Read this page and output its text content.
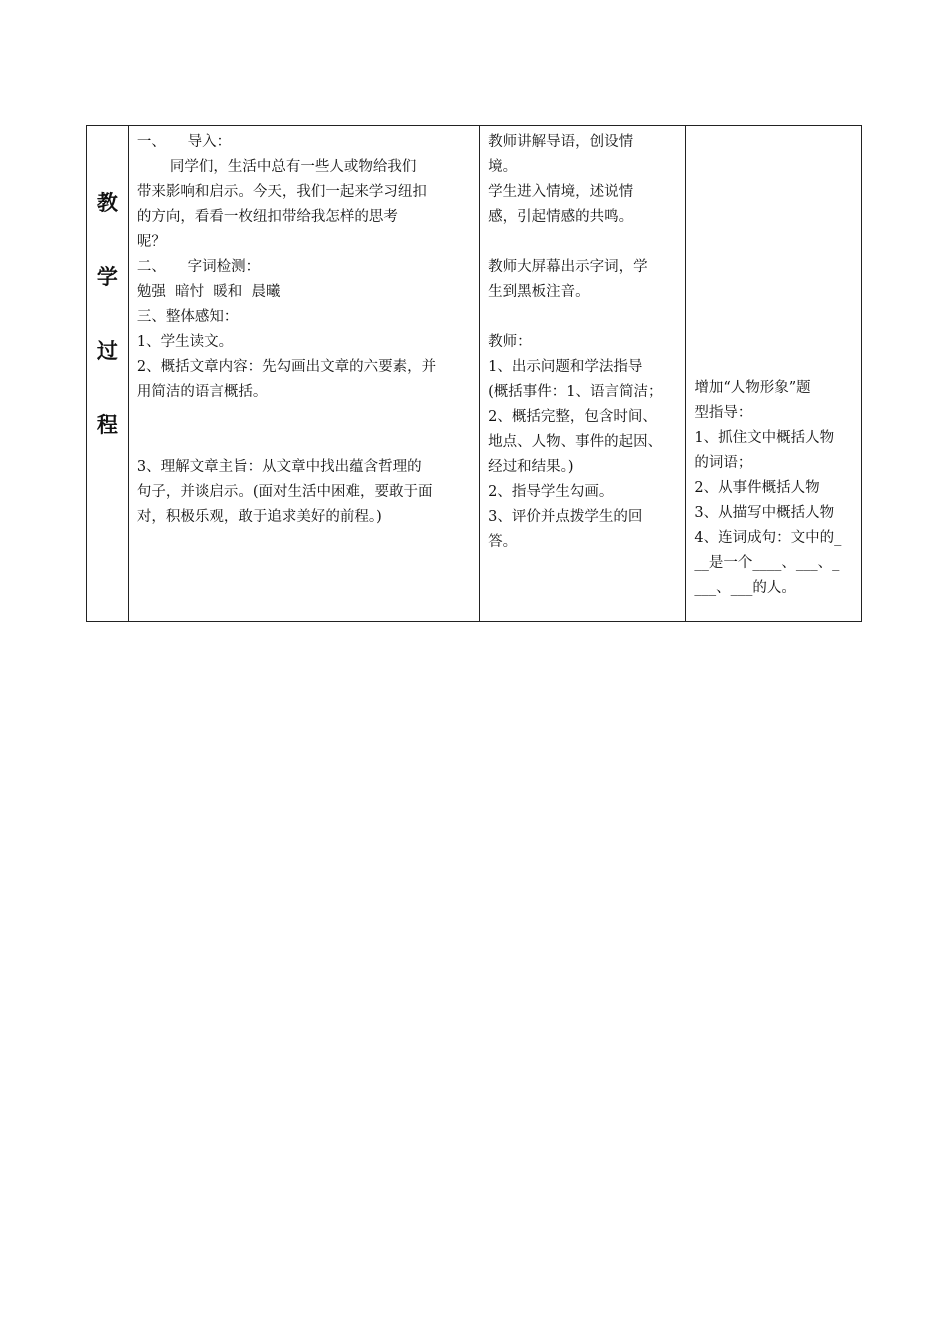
教
学
过
程

一、　　导入：
同学们，生活中总有一些人或物给我们
带来影响和启示。今天，我们一起来学习纽扣
的方向，看看一枚纽扣带给我怎样的思考
呢？
二、　　字词检测：
勉强  暗忖  暖和  晨曦
三、整体感知：
1、学生读文。
2、概括文章内容：先勾画出文章的六要素，并
用简洁的语言概括。
3、理解文章主旨：从文章中找出蕴含哲理的
句子，并谈启示。(面对生活中困难，要敢于面
对，积极乐观，敢于追求美好的前程。)

教师讲解导语，创设情
境。
学生进入情境，述说情
感，引起情感的共鸣。
教师大屏幕出示字词，学
生到黑板注音。
教师：
1、出示问题和学法指导
(概括事件：1、语言简洁；
2、概括完整，包含时间、
地点、人物、事件的起因、
经过和结果。)
2、指导学生勾画。
3、评价并点拨学生的回
答。

增加“人物形象”题
型指导：
1、抓住文中概括人物
的词语；
2、从事件概括人物
3、从描写中概括人物
4、连词成句：文中的_
__是一个____、___、_
___、___的人。
